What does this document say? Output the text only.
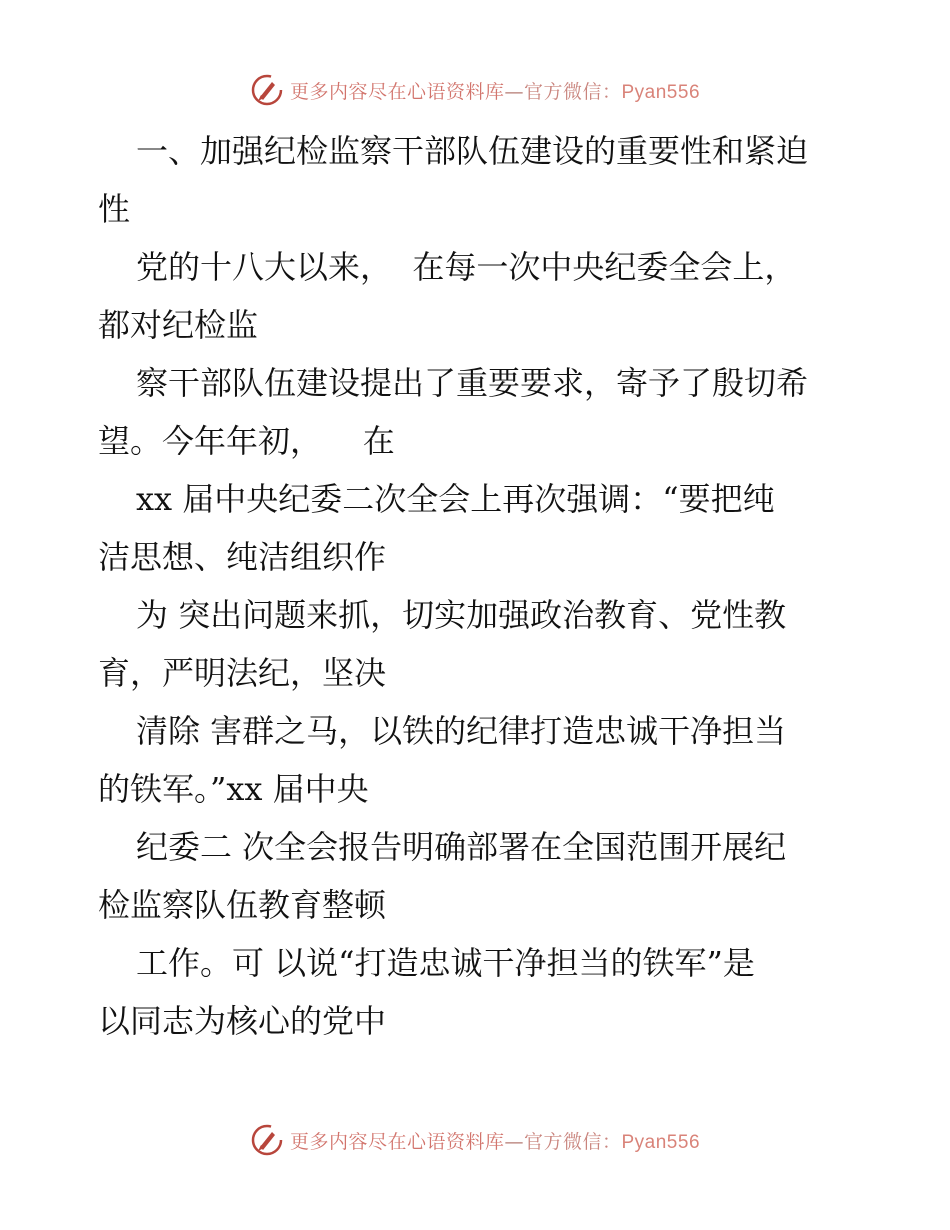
更多内容尽在心语资料库—官方微信：Pyan556
一、加强纪检监察干部队伍建设的重要性和紧迫
性
党的十八大以来，  在每一次中央纪委全会上，
都对纪检监
察干部队伍建设提出了重要要求，寄予了殷切希
望。今年年初，    在
xx 届中央纪委二次全会上再次强调：“要把纯
洁思想、纯洁组织作
为 突出问题来抓，切实加强政治教育、党性教
育，严明法纪，坚决
清除 害群之马，以铁的纪律打造忠诚干净担当
的铁军。”xx 届中央
纪委二 次全会报告明确部署在全国范围开展纪
检监察队伍教育整顿
工作。可 以说“打造忠诚干净担当的铁军”是
以同志为核心的党中
更多内容尽在心语资料库—官方微信：Pyan556
